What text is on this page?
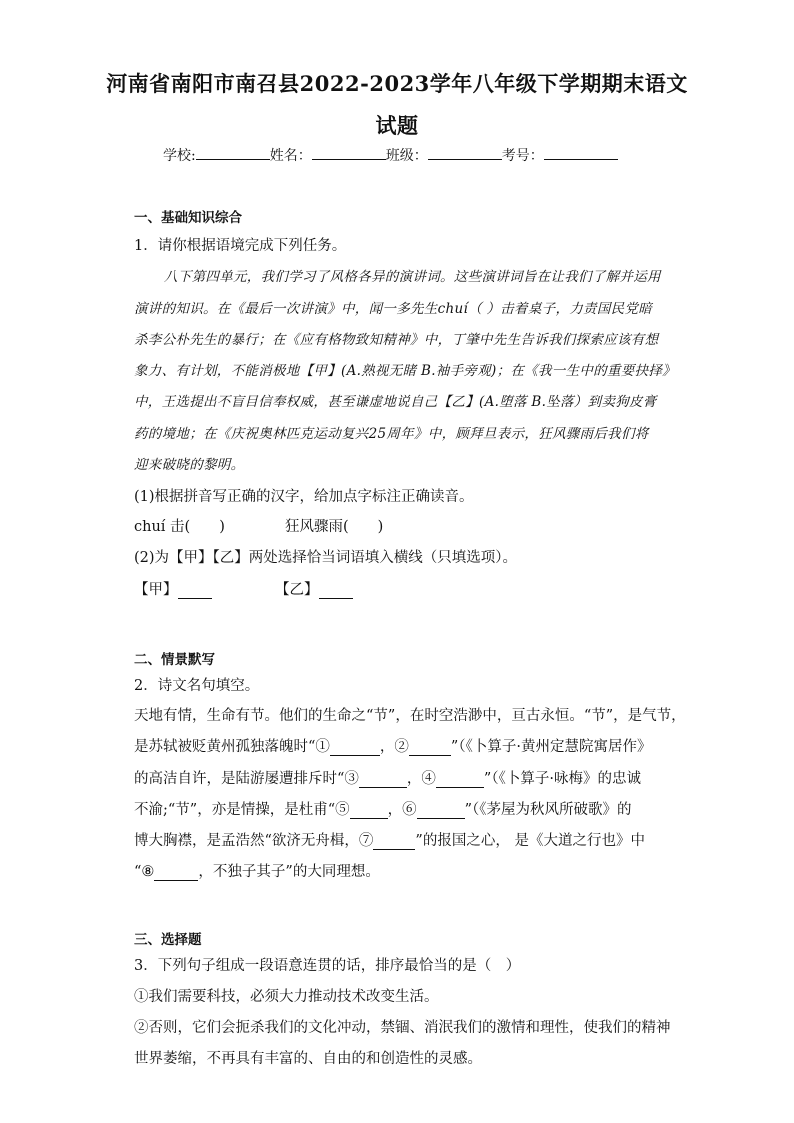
河南省南阳市南召县2022-2023学年八年级下学期期末语文
试题
学校:	姓名：	班级：	考号：
一、基础知识综合
1．请你根据语境完成下列任务。
八下第四单元，我们学习了风格各异的演讲词。这些演讲词旨在让我们了解并运用
演讲的知识。在《最后一次讲演》中，闻一多先生chuí（ ）击着桌子，力责国民党暗
杀李公朴先生的暴行；在《应有格物致知精神》中，丁肇中先生告诉我们探索应该有想
象力、有计划，不能消极地【甲】(A.熟视无睹 B.袖手旁观)；在《我一生中的重要抉择》
中，王选提出不盲目信奉权威，甚至谦虚地说自己【乙】(A.堕落 B.坠落）到卖狗皮膏
药的境地；在《庆祝奥林匹克运动复兴25周年》中，顾拜旦表示，狂风骤雨后我们将
迎来破晓的黎明。
(1)根据拼音写正确的汉字，给加点字标注正确读音。
chuí 击(　　)	狂风骤雨(　　)
(2)为【甲】【乙】两处选择恰当词语填入横线（只填选项）。
【甲】	【乙】
二、情景默写
2．诗文名句填空。
天地有情，生命有节。他们的生命之“节”，在时空浩渺中，亘古永恒。“节”，是气节，
是苏轼被贬黄州孤独落魄时“①	，②	”（《卜算子·黄州定慧院寓居作》
的高洁自许，是陆游屡遭排斥时“③	，④	”（《卜算子·咏梅》的忠诚
不渝;“节”，亦是情操，是杜甫“⑤	，⑥	”（《茅屋为秋风所破歌》的
博大胸襟，是孟浩然“欲济无舟楫，⑦	”的报国之心， 是《大道之行也》中
“⑧	，不独子其子”的大同理想。
三、选择题
3．下列句子组成一段语意连贯的话，排序最恰当的是（　）
①我们需要科技，必须大力推动技术改变生活。
②否则，它们会扼杀我们的文化冲动，禁锢、消泯我们的激情和理性，使我们的精神
世界萎缩，不再具有丰富的、自由的和创造性的灵感。
